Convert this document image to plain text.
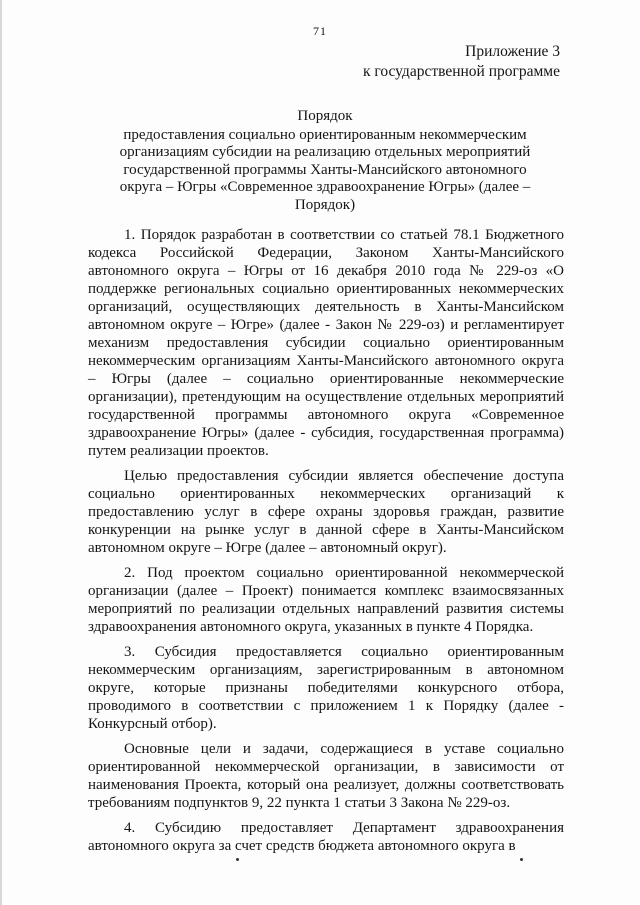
71
Приложение 3
к государственной программе
Порядок
предоставления социально ориентированным некоммерческим
организациям субсидии на реализацию отдельных мероприятий
государственной программы Ханты-Мансийского автономного
округа – Югры «Современное здравоохранение Югры» (далее –
Порядок)

1. Порядок разработан в соответствии со статьей 78.1 Бюджетного кодекса Российской Федерации, Законом Ханты-Мансийского автономного округа – Югры от 16 декабря 2010 года № 229-оз «О поддержке региональных социально ориентированных некоммерческих организаций, осуществляющих деятельность в Ханты-Мансийском автономном округе – Югре» (далее - Закон № 229-оз) и регламентирует механизм предоставления субсидии социально ориентированным некоммерческим организациям Ханты-Мансийского автономного округа – Югры (далее – социально ориентированные некоммерческие организации), претендующим на осуществление отдельных мероприятий государственной программы автономного округа «Современное здравоохранение Югры» (далее - субсидия, государственная программа) путем реализации проектов.

Целью предоставления субсидии является обеспечение доступа социально ориентированных некоммерческих организаций к предоставлению услуг в сфере охраны здоровья граждан, развитие конкуренции на рынке услуг в данной сфере в Ханты-Мансийском автономном округе – Югре (далее – автономный округ).

2. Под проектом социально ориентированной некоммерческой организации (далее – Проект) понимается комплекс взаимосвязанных мероприятий по реализации отдельных направлений развития системы здравоохранения автономного округа, указанных в пункте 4 Порядка.

3. Субсидия предоставляется социально ориентированным некоммерческим организациям, зарегистрированным в автономном округе, которые признаны победителями конкурсного отбора, проводимого в соответствии с приложением 1 к Порядку (далее - Конкурсный отбор).

Основные цели и задачи, содержащиеся в уставе социально ориентированной некоммерческой организации, в зависимости от наименования Проекта, который она реализует, должны соответствовать требованиям подпунктов 9, 22 пункта 1 статьи 3 Закона № 229-оз.

4. Субсидию предоставляет Департамент здравоохранения автономного округа за счет средств бюджета автономного округа в
